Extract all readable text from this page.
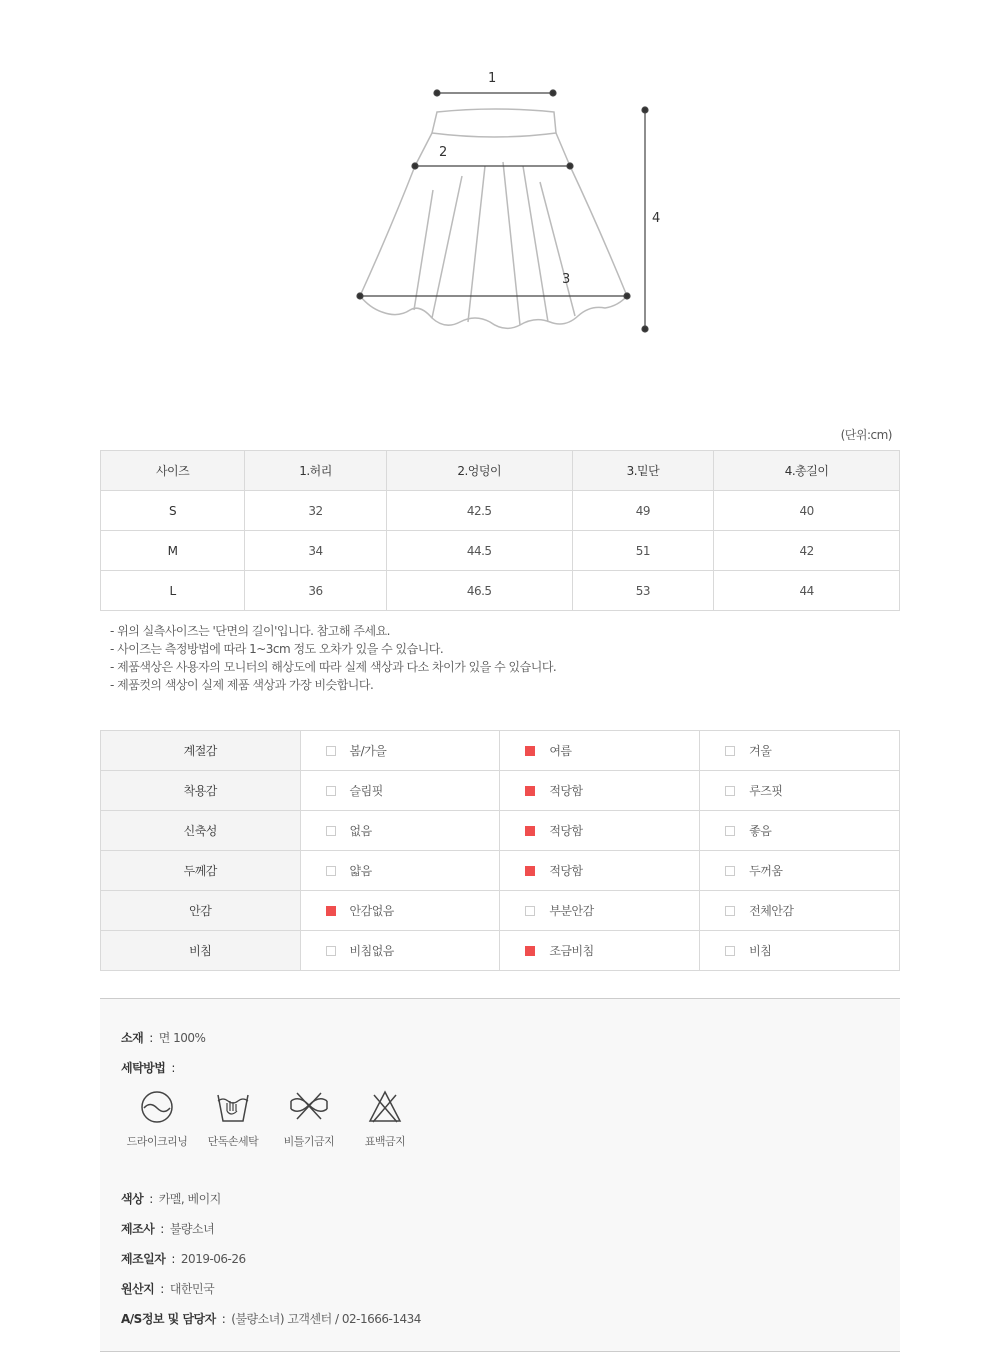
1
2
3
4
(단위:cm)
사이즈	1.허리	2.엉덩이	3.밑단	4.총길이
S	32	42.5	49	40
M	34	44.5	51	42
L	36	46.5	53	44
- 위의 실측사이즈는 '단면의 길이'입니다. 참고해 주세요.
- 사이즈는 측정방법에 따라 1~3cm 정도 오차가 있을 수 있습니다.
- 제품색상은 사용자의 모니터의 해상도에 따라 실제 색상과 다소 차이가 있을 수 있습니다.
- 제품컷의 색상이 실제 제품 색상과 가장 비슷합니다.
계절감	봄/가을	여름	겨울
착용감	슬림핏	적당함	루즈핏
신축성	없음	적당함	좋음
두께감	얇음	적당함	두꺼움
안감	안감없음	부분안감	전체안감
비침	비침없음	조금비침	비침
소재 : 면 100%
세탁방법 :
드라이크리닝	단독손세탁	비틀기금지	표백금지
색상 : 카멜, 베이지
제조사 : 불량소녀
제조일자 : 2019-06-26
원산지 : 대한민국
A/S정보 및 담당자 : (불량소녀) 고객센터 / 02-1666-1434
